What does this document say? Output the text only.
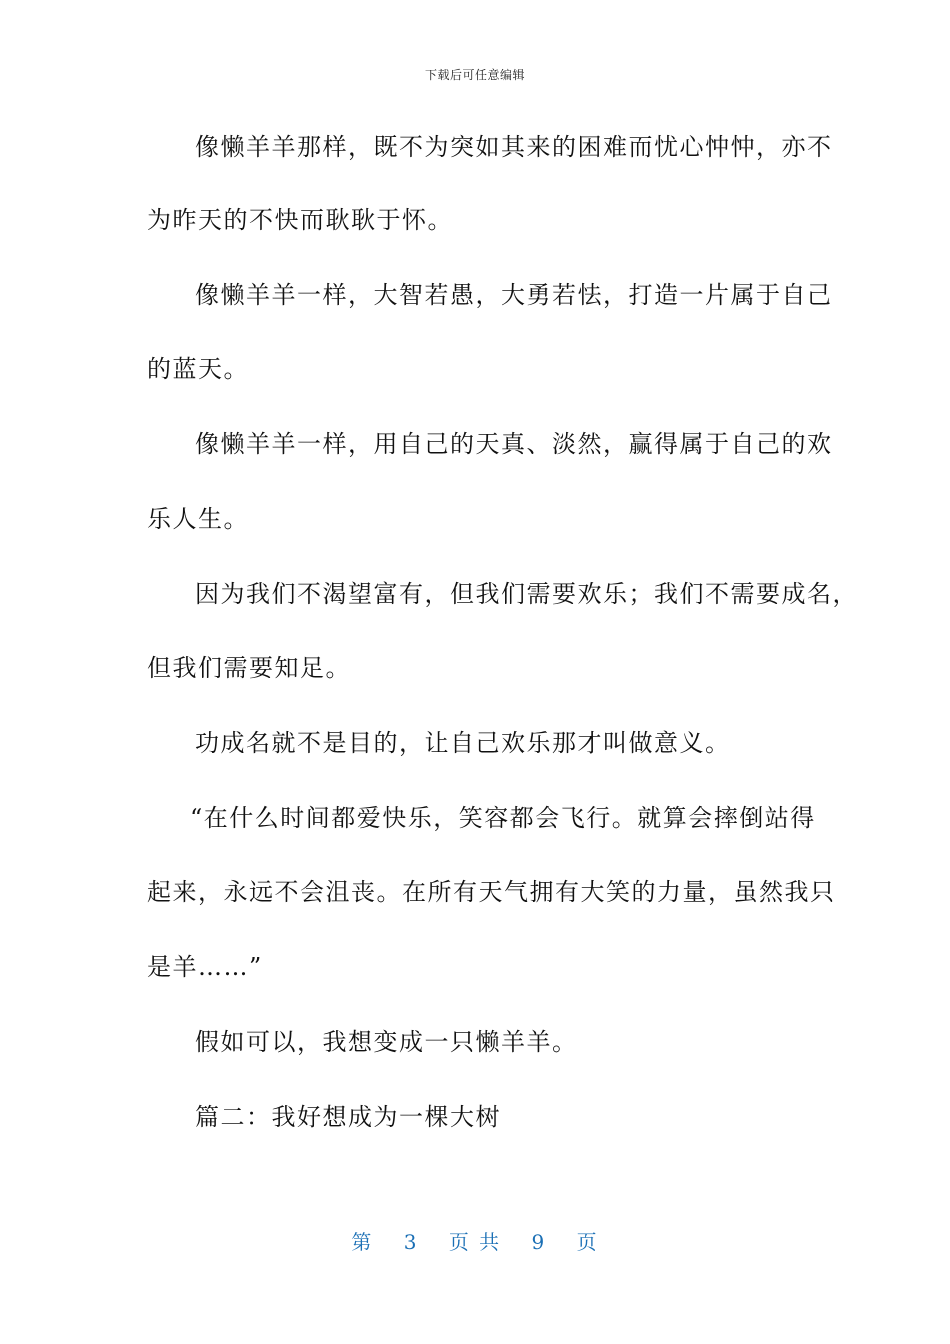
下载后可任意编辑
像懒羊羊那样，既不为突如其来的困难而忧心忡忡，亦不
为昨天的不快而耿耿于怀。
像懒羊羊一样，大智若愚，大勇若怯，打造一片属于自己
的蓝天。
像懒羊羊一样，用自己的天真、淡然，赢得属于自己的欢
乐人生。
因为我们不渴望富有，但我们需要欢乐；我们不需要成名，
但我们需要知足。
功成名就不是目的，让自己欢乐那才叫做意义。
“在什么时间都爱快乐，笑容都会飞行。就算会摔倒站得
起来，永远不会沮丧。在所有天气拥有大笑的力量，虽然我只
是羊……”
假如可以，我想变成一只懒羊羊。
篇二：我好想成为一棵大树
第 3 页 共 9 页
